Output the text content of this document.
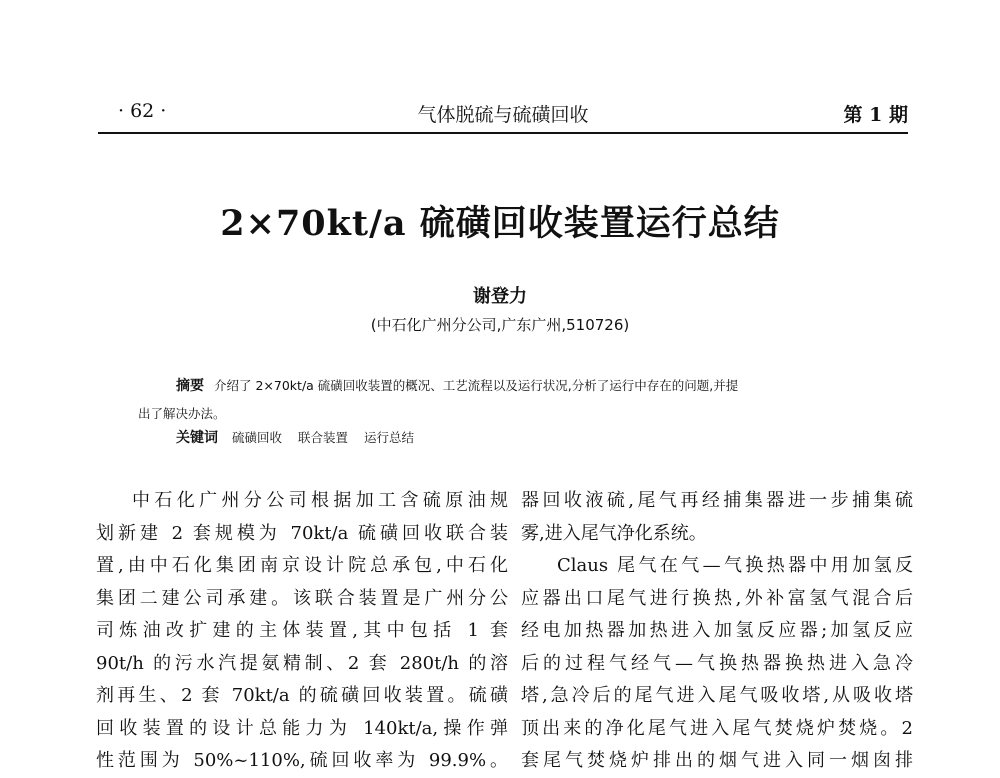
· 62 ·	气体脱硫与硫磺回收	第 1 期
2×70kt/a 硫磺回收装置运行总结
谢登力
(中石化广州分公司,广东广州,510726)
摘要 介绍了 2×70kt/a 硫磺回收装置的概况、工艺流程以及运行状况,分析了运行中存在的问题,并提
出了解决办法。
关键词 硫磺回收 联合装置 运行总结
中石化广州分公司根据加工含硫原油规
划新建 2 套规模为 70kt/a 硫磺回收联合装
置,由中石化集团南京设计院总承包,中石化
集团二建公司承建。该联合装置是广州分公
司炼油改扩建的主体装置,其中包括 1 套
90t/h 的污水汽提氨精制、2 套 280t/h 的溶
剂再生、2 套 70kt/a 的硫磺回收装置。硫磺
回收装置的设计总能力为 140kt/a,操作弹
性范围为 50%~110%,硫回收率为 99.9%。
器回收液硫,尾气再经捕集器进一步捕集硫
雾,进入尾气净化系统。
Claus 尾气在气—气换热器中用加氢反
应器出口尾气进行换热,外补富氢气混合后
经电加热器加热进入加氢反应器;加氢反应
后的过程气经气—气换热器换热进入急冷
塔,急冷后的尾气进入尾气吸收塔,从吸收塔
顶出来的净化尾气进入尾气焚烧炉焚烧。2
套尾气焚烧炉排出的烟气进入同一烟囱排
